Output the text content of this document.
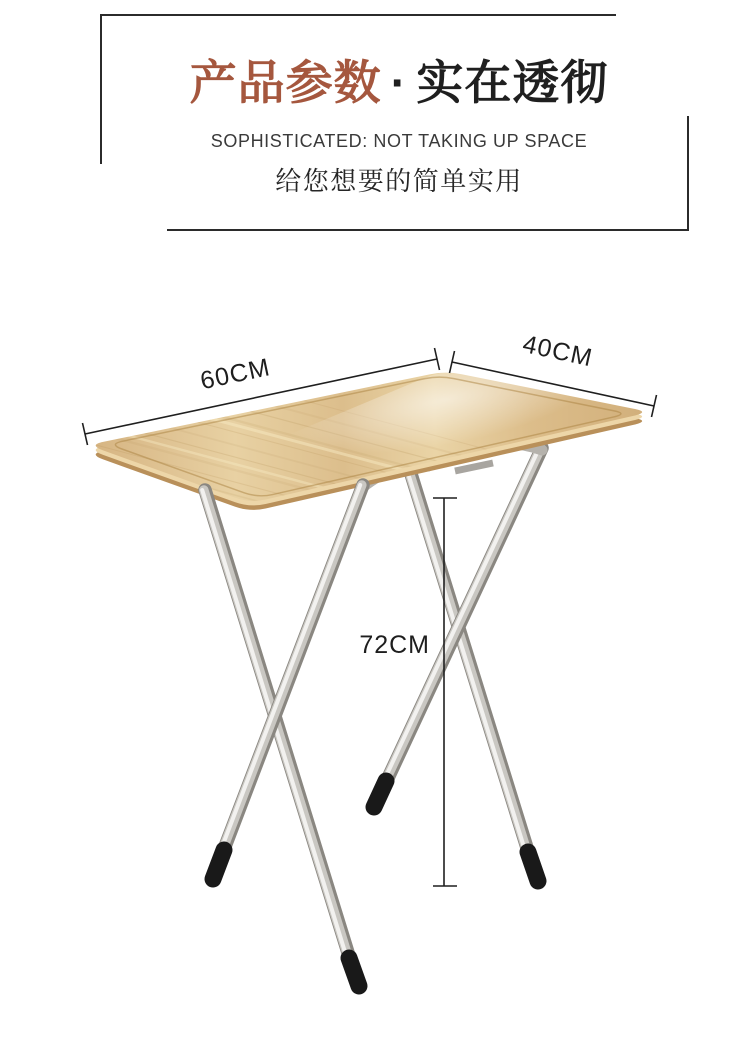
产品参数 · 实在透彻
SOPHISTICATED: NOT TAKING UP SPACE
给您想要的简单实用
60CM
40CM
72CM
